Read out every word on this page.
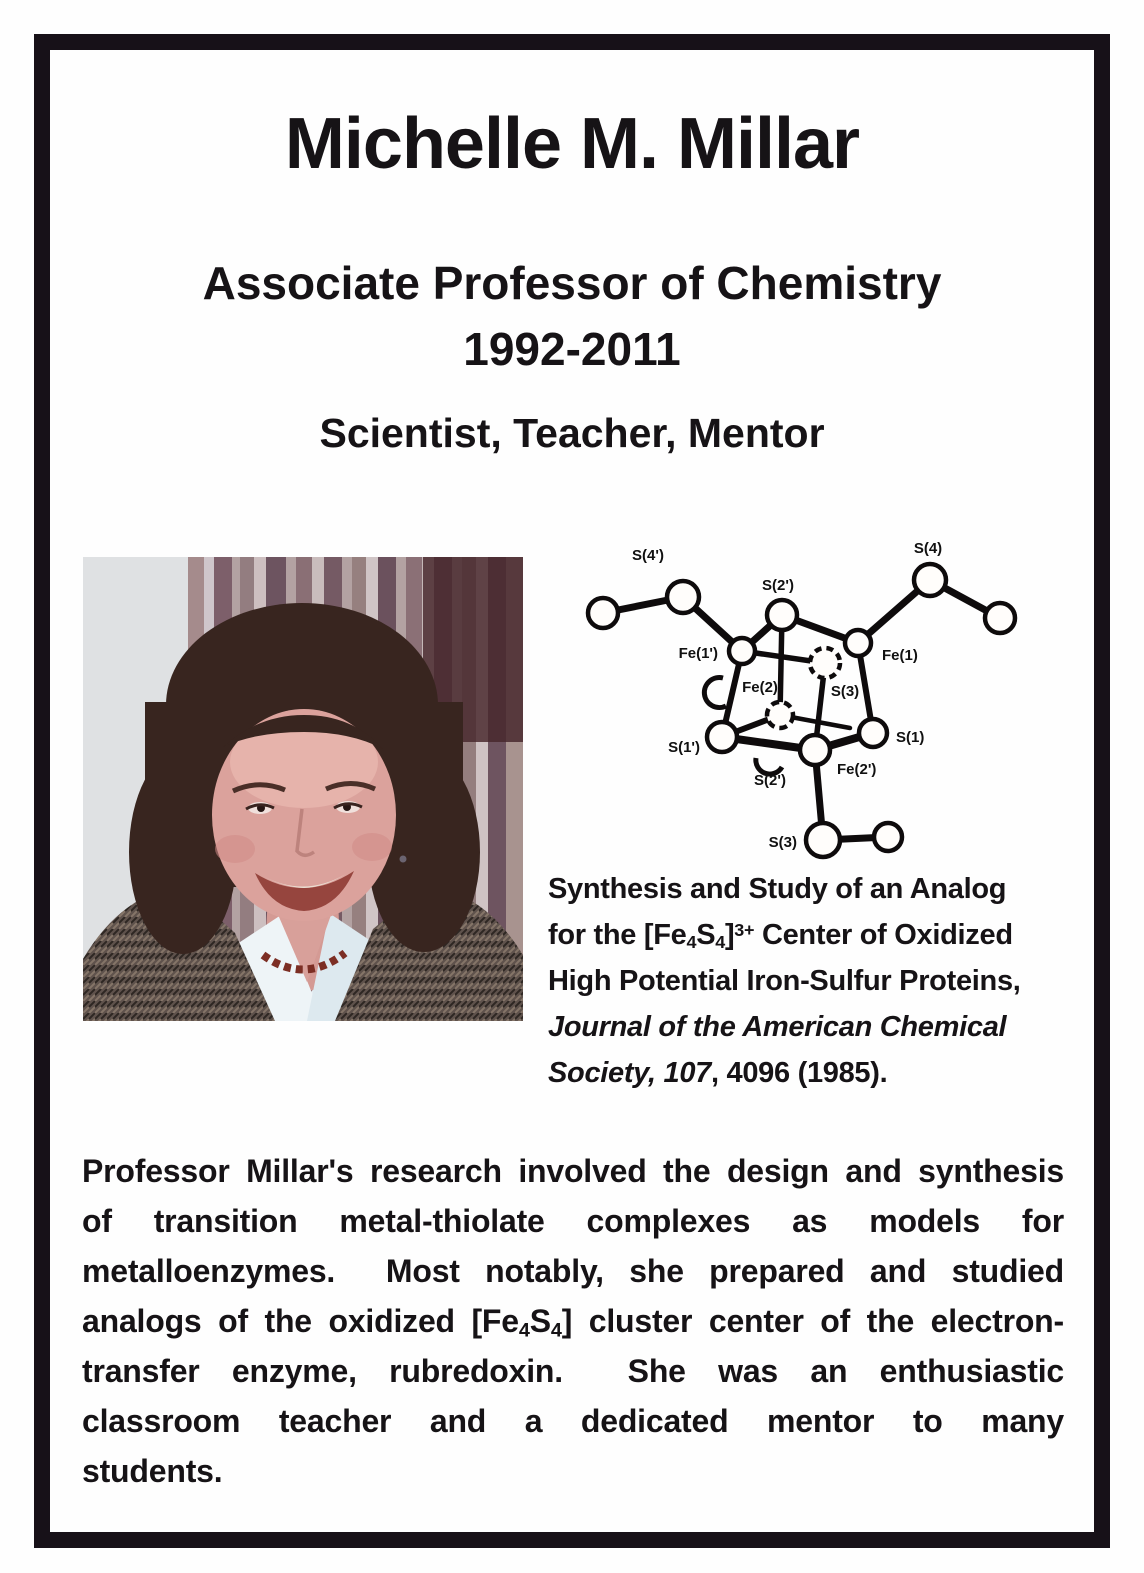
Michelle M. Millar
Associate Professor of Chemistry
1992-2011
Scientist, Teacher, Mentor
S(4')
S(2')
S(4)
Fe(1')
Fe(2)
Fe(1)
S(3)
S(1')
S(1)
S(2')
Fe(2')
S(3)

Synthesis and Study of an Analog
for the $[Fe_4S_4]^{3+}$ Center of Oxidized
High Potential Iron-Sulfur Proteins,
Journal of the American Chemical
Society, 107, 4096 (1985).

Professor Millar's research involved the design and synthesis
of transition metal-thiolate complexes as models for
metalloenzymes.  Most notably, she prepared and studied
analogs of the oxidized $[Fe_4S_4]$ cluster center of the electron-
transfer enzyme, rubredoxin.  She was an enthusiastic
classroom teacher and a dedicated mentor to many
students.
